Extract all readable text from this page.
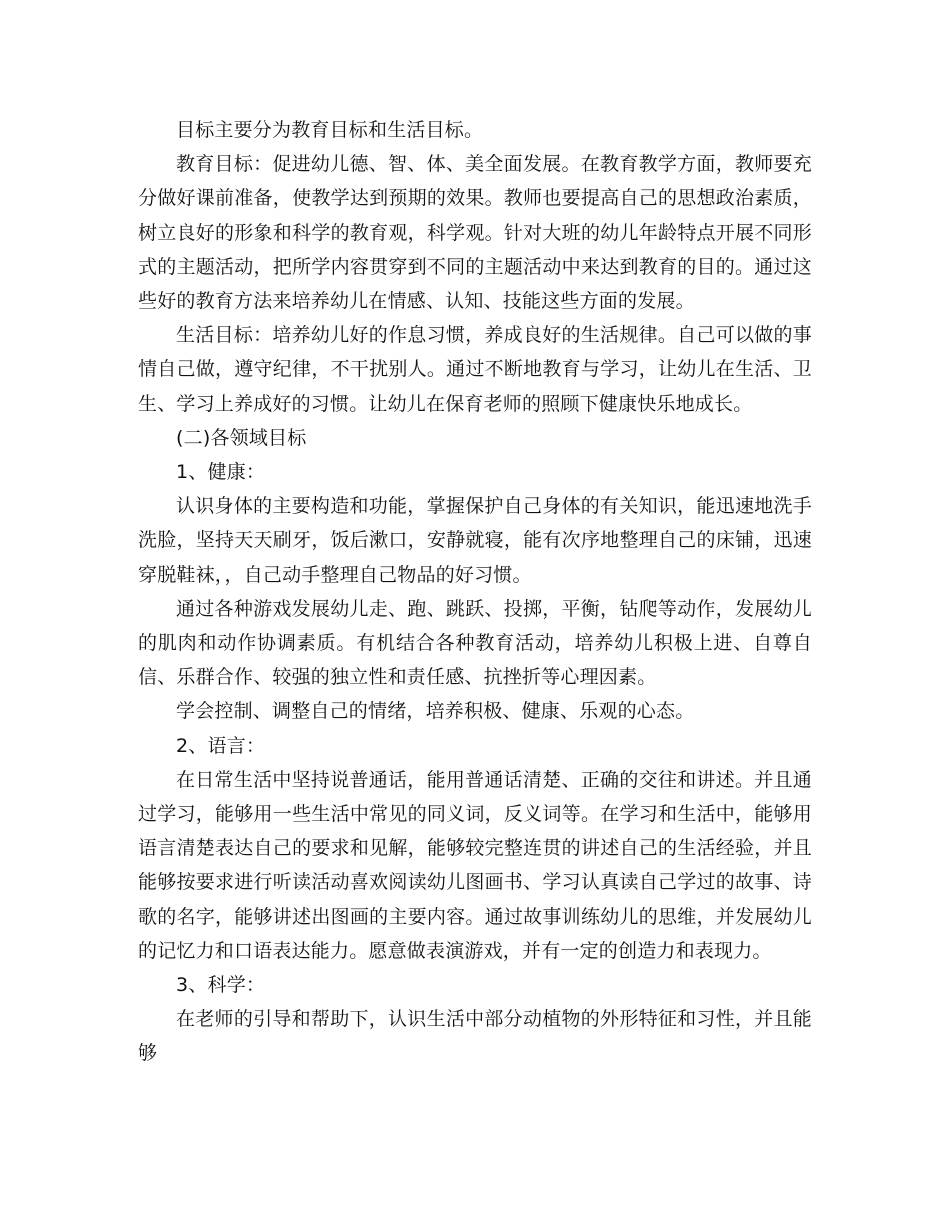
目标主要分为教育目标和生活目标。

教育目标：促进幼儿德、智、体、美全面发展。在教育教学方面，教师要充分做好课前准备，使教学达到预期的效果。教师也要提高自己的思想政治素质，树立良好的形象和科学的教育观，科学观。针对大班的幼儿年龄特点开展不同形式的主题活动，把所学内容贯穿到不同的主题活动中来达到教育的目的。通过这些好的教育方法来培养幼儿在情感、认知、技能这些方面的发展。

生活目标：培养幼儿好的作息习惯，养成良好的生活规律。自己可以做的事情自己做，遵守纪律，不干扰别人。通过不断地教育与学习，让幼儿在生活、卫生、学习上养成好的习惯。让幼儿在保育老师的照顾下健康快乐地成长。

(二)各领域目标

1、健康：

认识身体的主要构造和功能，掌握保护自己身体的有关知识，能迅速地洗手洗脸，坚持天天刷牙，饭后漱口，安静就寝，能有次序地整理自己的床铺，迅速穿脱鞋袜，，自己动手整理自己物品的好习惯。

通过各种游戏发展幼儿走、跑、跳跃、投掷，平衡，钻爬等动作，发展幼儿的肌肉和动作协调素质。有机结合各种教育活动，培养幼儿积极上进、自尊自信、乐群合作、较强的独立性和责任感、抗挫折等心理因素。

学会控制、调整自己的情绪，培养积极、健康、乐观的心态。

2、语言：

在日常生活中坚持说普通话，能用普通话清楚、正确的交往和讲述。并且通过学习，能够用一些生活中常见的同义词，反义词等。在学习和生活中，能够用语言清楚表达自己的要求和见解，能够较完整连贯的讲述自己的生活经验，并且能够按要求进行听读活动喜欢阅读幼儿图画书、学习认真读自己学过的故事、诗歌的名字，能够讲述出图画的主要内容。通过故事训练幼儿的思维，并发展幼儿的记忆力和口语表达能力。愿意做表演游戏，并有一定的创造力和表现力。

3、科学：

在老师的引导和帮助下，认识生活中部分动植物的外形特征和习性，并且能够
